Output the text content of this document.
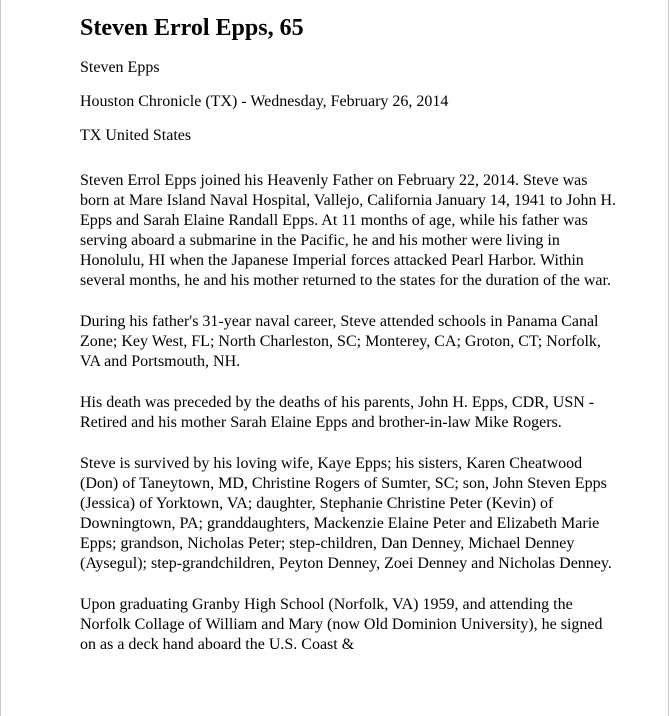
Steven Errol Epps, 65

Steven Epps

Houston Chronicle (TX) - Wednesday, February 26, 2014

TX United States

Steven Errol Epps joined his Heavenly Father on February 22, 2014. Steve was born at Mare Island Naval Hospital, Vallejo, California January 14, 1941 to John H. Epps and Sarah Elaine Randall Epps. At 11 months of age, while his father was serving aboard a submarine in the Pacific, he and his mother were living in Honolulu, HI when the Japanese Imperial forces attacked Pearl Harbor. Within several months, he and his mother returned to the states for the duration of the war.

During his father's 31-year naval career, Steve attended schools in Panama Canal Zone; Key West, FL; North Charleston, SC; Monterey, CA; Groton, CT; Norfolk, VA and Portsmouth, NH.

His death was preceded by the deaths of his parents, John H. Epps, CDR, USN - Retired and his mother Sarah Elaine Epps and brother-in-law Mike Rogers.

Steve is survived by his loving wife, Kaye Epps; his sisters, Karen Cheatwood (Don) of Taneytown, MD, Christine Rogers of Sumter, SC; son, John Steven Epps (Jessica) of Yorktown, VA; daughter, Stephanie Christine Peter (Kevin) of Downingtown, PA; granddaughters, Mackenzie Elaine Peter and Elizabeth Marie Epps; grandson, Nicholas Peter; step-children, Dan Denney, Michael Denney (Aysegul); step-grandchildren, Peyton Denney, Zoei Denney and Nicholas Denney.

Upon graduating Granby High School (Norfolk, VA) 1959, and attending the Norfolk Collage of William and Mary (now Old Dominion University), he signed on as a deck hand aboard the U.S. Coast &
